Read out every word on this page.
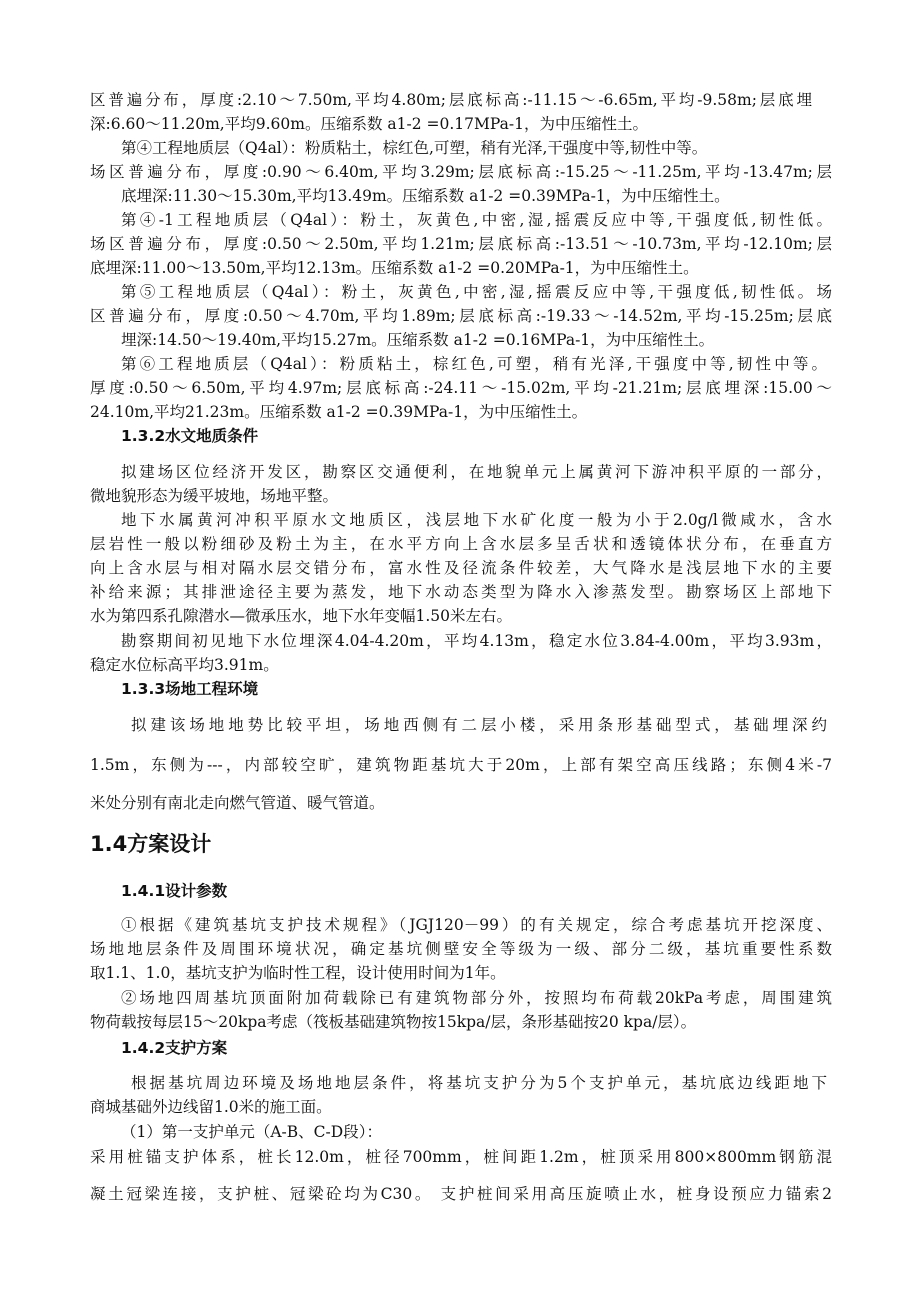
区普遍分布，厚度:2.10～7.50m,平均4.80m;层底标高:-11.15～-6.65m,平均-9.58m;层底埋
深:6.60～11.20m,平均9.60m。压缩系数 a1-2 =0.17MPa-1，为中压缩性土。
第④工程地质层（Q4al）：粉质粘土，棕红色,可塑，稍有光泽,干强度中等,韧性中等。
场区普遍分布，厚度:0.90～6.40m,平均3.29m;层底标高:-15.25～-11.25m,平均-13.47m;层
底埋深:11.30～15.30m,平均13.49m。压缩系数 a1-2 =0.39MPa-1，为中压缩性土。
第④-1工程地质层（Q4al）：粉土，灰黄色,中密,湿,摇震反应中等,干强度低,韧性低。
场区普遍分布，厚度:0.50～2.50m,平均1.21m;层底标高:-13.51～-10.73m,平均-12.10m;层
底埋深:11.00～13.50m,平均12.13m。压缩系数 a1-2 =0.20MPa-1，为中压缩性土。
第⑤工程地质层（Q4al）：粉土，灰黄色,中密,湿,摇震反应中等,干强度低,韧性低。场
区普遍分布，厚度:0.50～4.70m,平均1.89m;层底标高:-19.33～-14.52m,平均-15.25m;层底
埋深:14.50～19.40m,平均15.27m。压缩系数 a1-2 =0.16MPa-1，为中压缩性土。
第⑥工程地质层（Q4al）：粉质粘土，棕红色,可塑，稍有光泽,干强度中等,韧性中等。
厚度:0.50～6.50m,平均4.97m;层底标高:-24.11～-15.02m,平均-21.21m;层底埋深:15.00～
24.10m,平均21.23m。压缩系数 a1-2 =0.39MPa-1，为中压缩性土。
拟建场区位经济开发区，勘察区交通便利，在地貌单元上属黄河下游冲积平原的一部分，
微地貌形态为缓平坡地，场地平整。
地下水属黄河冲积平原水文地质区，浅层地下水矿化度一般为小于2.0g/l微咸水，含水
层岩性一般以粉细砂及粉土为主，在水平方向上含水层多呈舌状和透镜体状分布，在垂直方
向上含水层与相对隔水层交错分布，富水性及径流条件较差，大气降水是浅层地下水的主要
补给来源；其排泄途径主要为蒸发，地下水动态类型为降水入渗蒸发型。勘察场区上部地下
水为第四系孔隙潜水—微承压水，地下水年变幅1.50米左右。
勘察期间初见地下水位埋深4.04-4.20m，平均4.13m，稳定水位3.84-4.00m，平均3.93m，
稳定水位标高平均3.91m。
拟建该场地地势比较平坦，场地西侧有二层小楼，采用条形基础型式，基础埋深约
1.5m，东侧为---，内部较空旷，建筑物距基坑大于20m，上部有架空高压线路；东侧4米-7
米处分别有南北走向燃气管道、暖气管道。
①根据《建筑基坑支护技术规程》（JGJ120－99）的有关规定，综合考虑基坑开挖深度、
场地地层条件及周围环境状况，确定基坑侧壁安全等级为一级、部分二级，基坑重要性系数
取1.1、1.0，基坑支护为临时性工程，设计使用时间为1年。
②场地四周基坑顶面附加荷载除已有建筑物部分外，按照均布荷载20kPa考虑，周围建筑
物荷载按每层15～20kpa考虑（筏板基础建筑物按15kpa/层，条形基础按20 kpa/层）。
根据基坑周边环境及场地地层条件，将基坑支护分为5个支护单元，基坑底边线距地下
商城基础外边线留1.0米的施工面。
（1）第一支护单元（A-B、C-D段）：
采用桩锚支护体系，桩长12.0m，桩径700mm，桩间距1.2m，桩顶采用800×800mm钢筋混
凝土冠梁连接，支护桩、冠梁砼均为C30。 支护桩间采用高压旋喷止水，桩身设预应力锚索2
1.3.2水文地质条件
1.3.3场地工程环境
1.4方案设计
1.4.1设计参数
1.4.2支护方案
